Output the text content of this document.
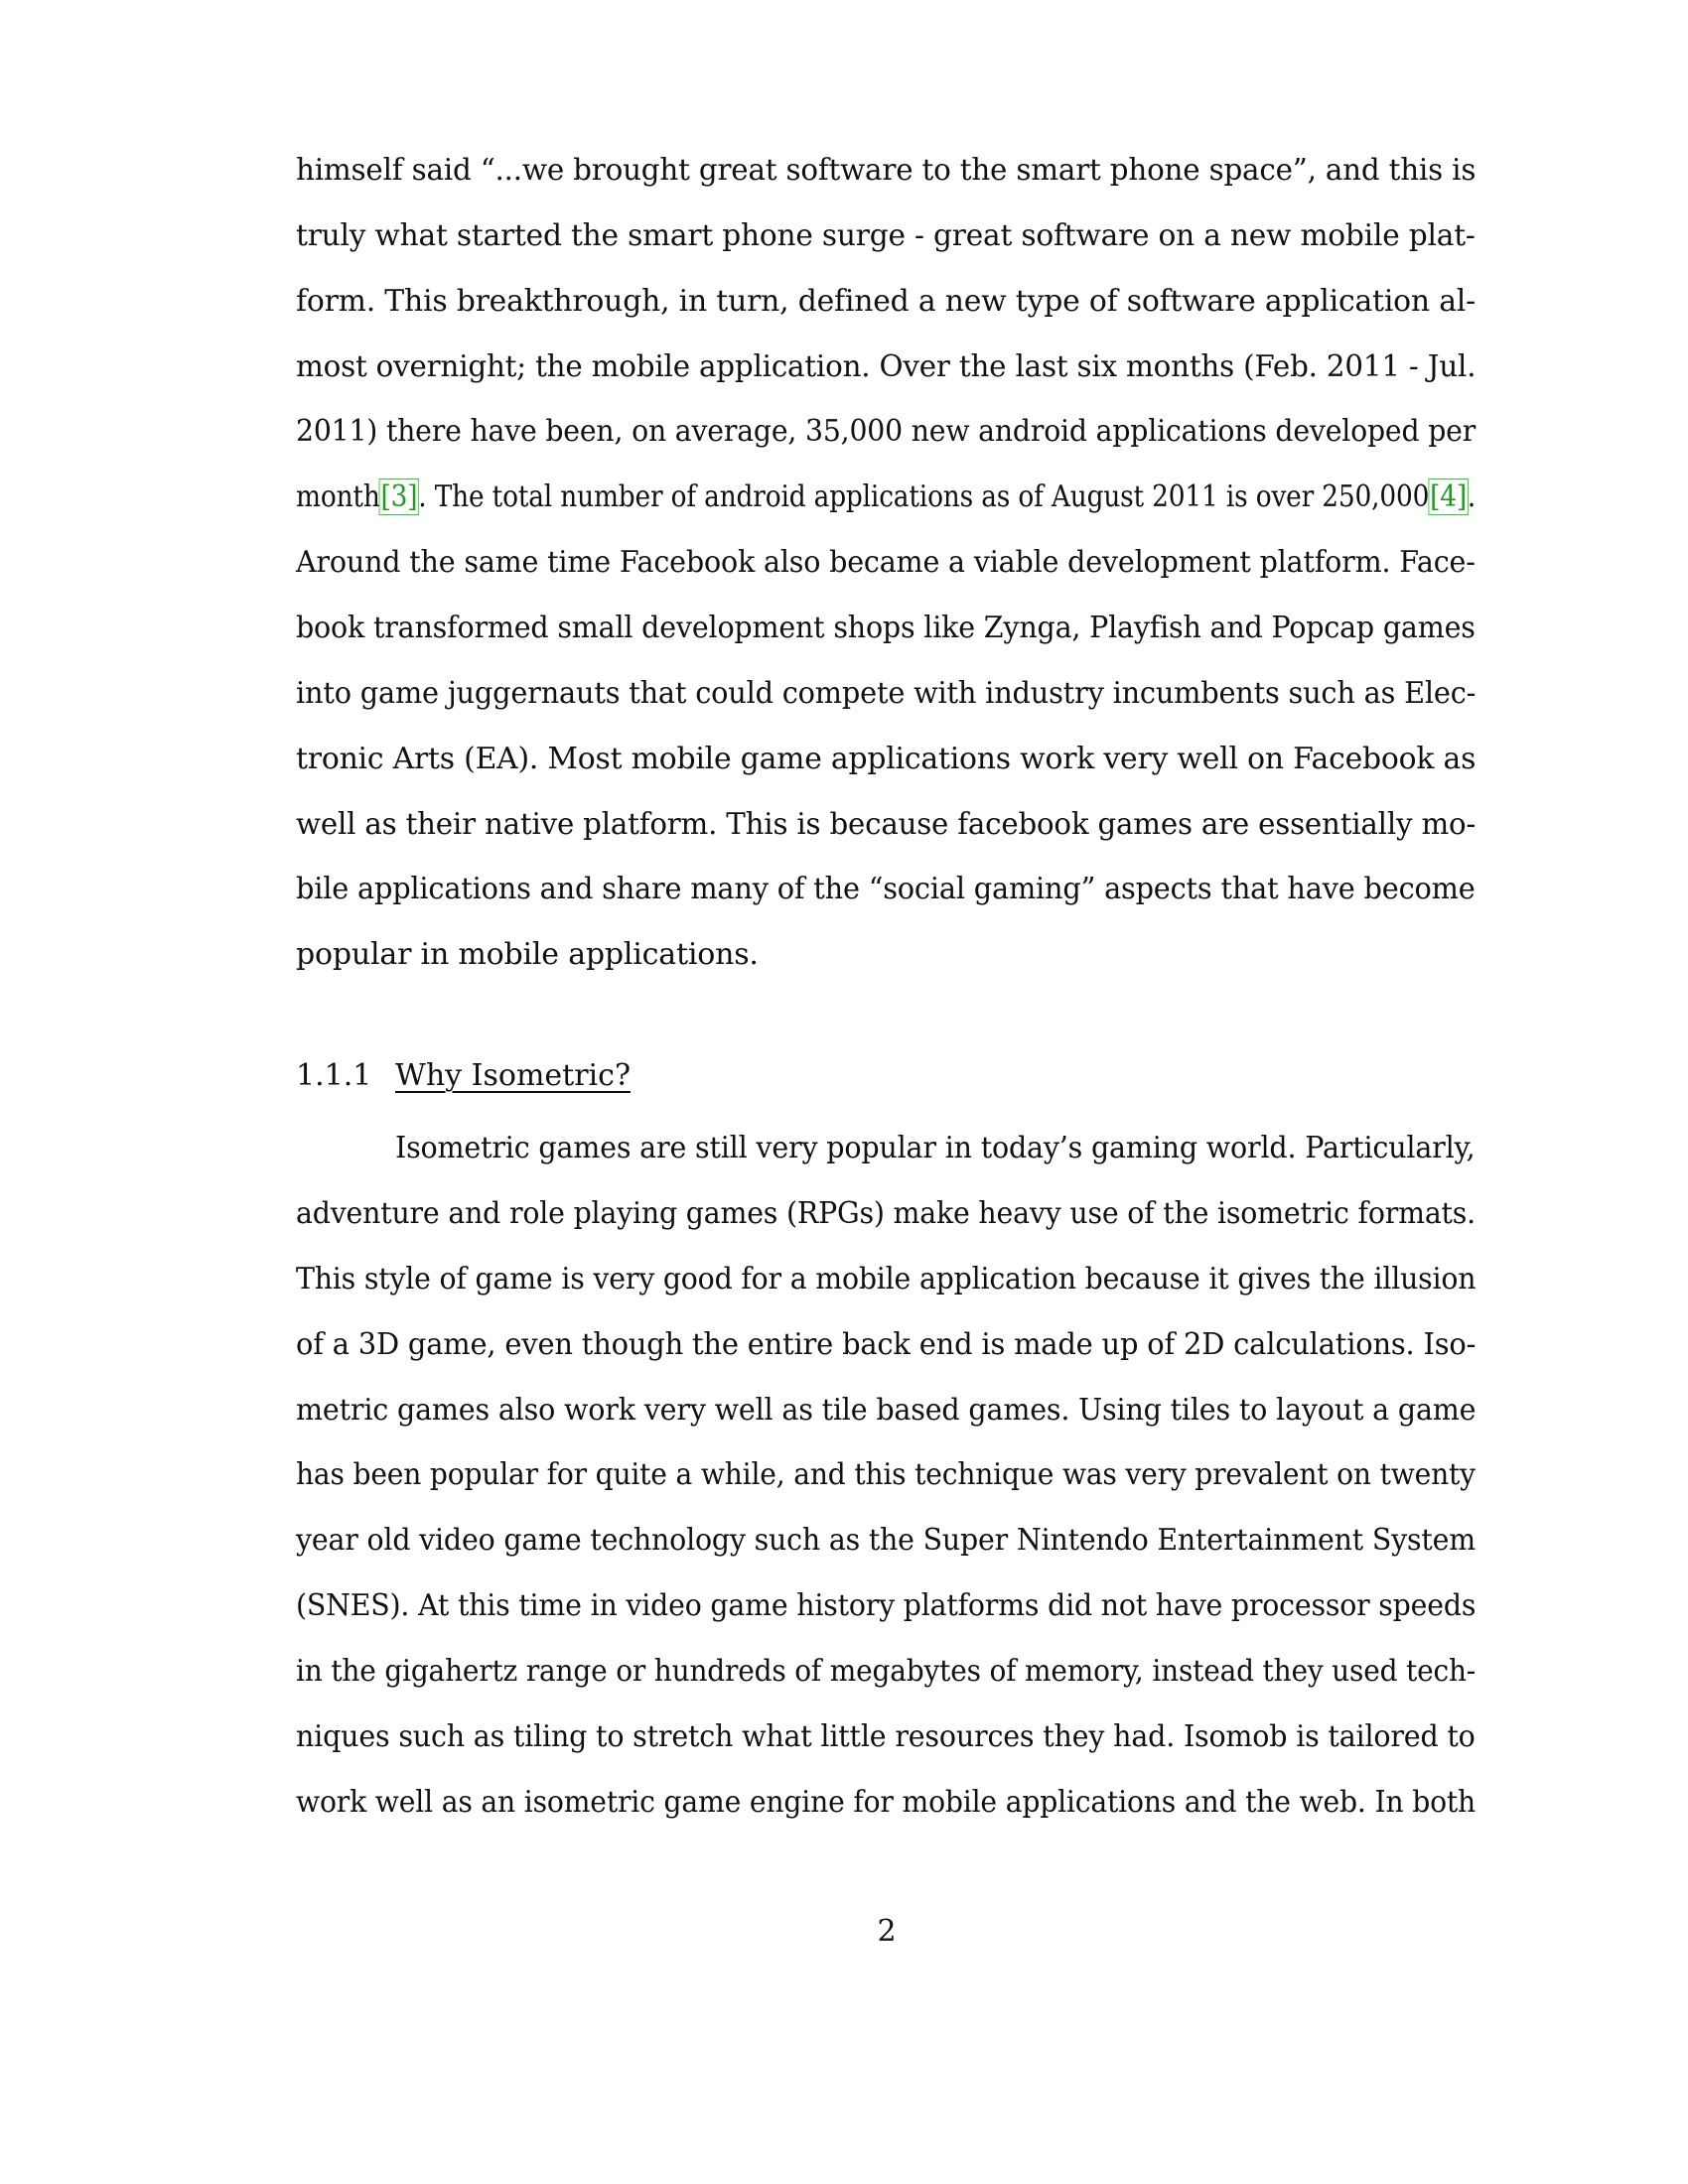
himself said “...we brought great software to the smart phone space”, and this is
truly what started the smart phone surge - great software on a new mobile plat-
form. This breakthrough, in turn, defined a new type of software application al-
most overnight; the mobile application. Over the last six months (Feb. 2011 - Jul.
2011) there have been, on average, 35,000 new android applications developed per
month[3]. The total number of android applications as of August 2011 is over 250,000[4].
Around the same time Facebook also became a viable development platform. Face-
book transformed small development shops like Zynga, Playfish and Popcap games
into game juggernauts that could compete with industry incumbents such as Elec-
tronic Arts (EA). Most mobile game applications work very well on Facebook as
well as their native platform. This is because facebook games are essentially mo-
bile applications and share many of the “social gaming” aspects that have become
popular in mobile applications.
1.1.1 Why Isometric?
Isometric games are still very popular in today’s gaming world. Particularly,
adventure and role playing games (RPGs) make heavy use of the isometric formats.
This style of game is very good for a mobile application because it gives the illusion
of a 3D game, even though the entire back end is made up of 2D calculations. Iso-
metric games also work very well as tile based games. Using tiles to layout a game
has been popular for quite a while, and this technique was very prevalent on twenty
year old video game technology such as the Super Nintendo Entertainment System
(SNES). At this time in video game history platforms did not have processor speeds
in the gigahertz range or hundreds of megabytes of memory, instead they used tech-
niques such as tiling to stretch what little resources they had. Isomob is tailored to
work well as an isometric game engine for mobile applications and the web. In both
2
